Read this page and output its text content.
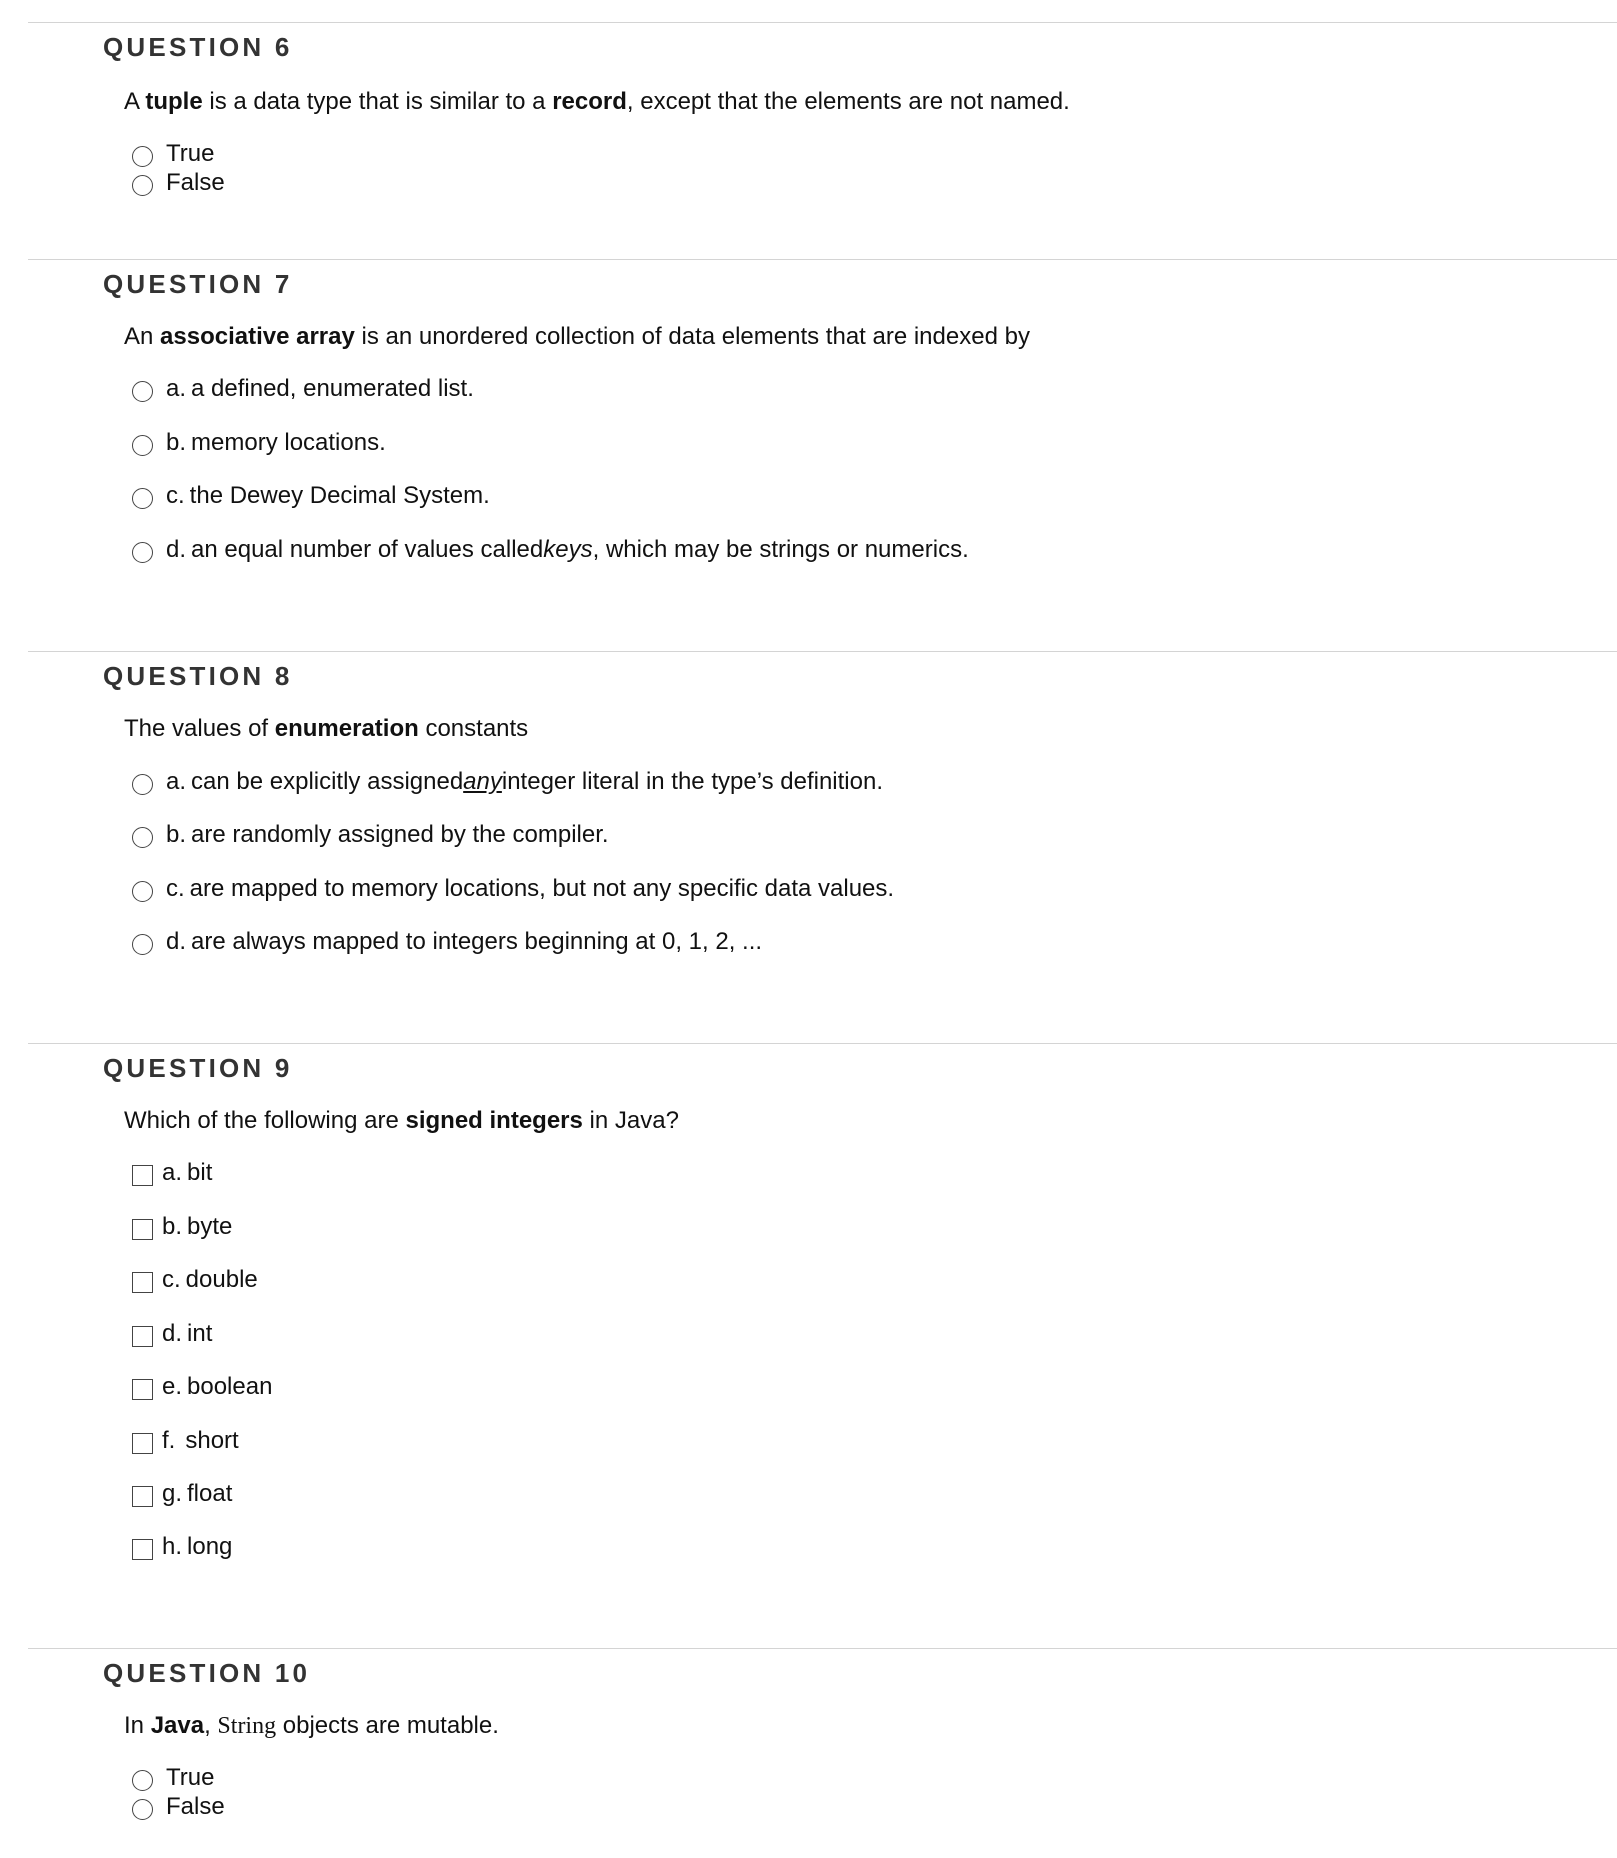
QUESTION 6
A tuple is a data type that is similar to a record, except that the elements are not named.
True
False
QUESTION 7
An associative array is an unordered collection of data elements that are indexed by
a. a defined, enumerated list.
b. memory locations.
c. the Dewey Decimal System.
d. an equal number of values called keys , which may be strings or numerics.
QUESTION 8
The values of enumeration constants
a. can be explicitly assigned any integer literal in the type’s definition.
b. are randomly assigned by the compiler.
c. are mapped to memory locations, but not any specific data values.
d. are always mapped to integers beginning at 0, 1, 2, ...
QUESTION 9
Which of the following are signed integers in Java?
a. bit
b. byte
c. double
d. int
e. boolean
f. short
g. float
h. long
QUESTION 10
In Java, String objects are mutable.
True
False
